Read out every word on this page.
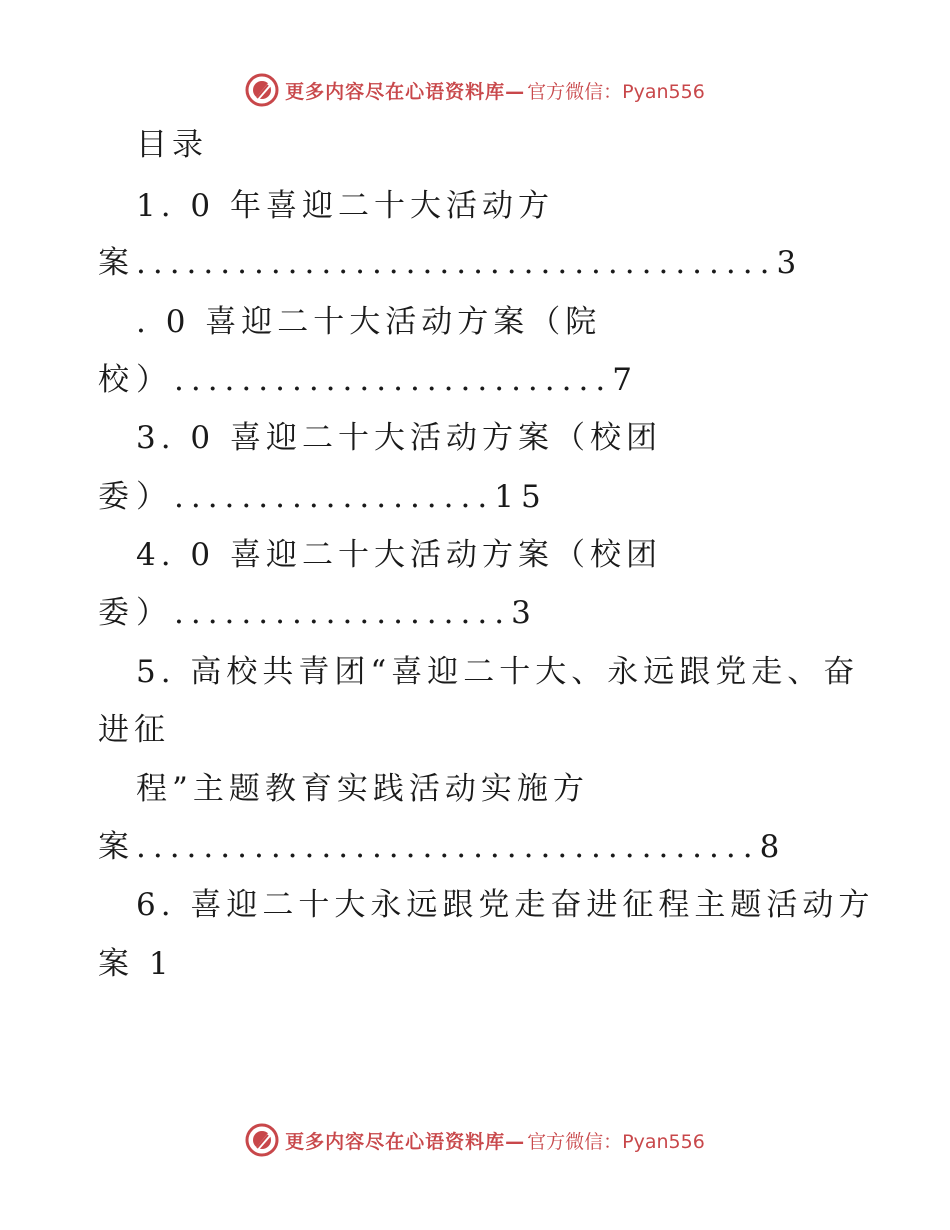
更多内容尽在心语资料库— 官方微信：Pyan556
目录
1. 0 年喜迎二十大活动方
案......................................3
. 0 喜迎二十大活动方案（院
校）..........................7
3. 0 喜迎二十大活动方案（校团
委）...................15
4. 0 喜迎二十大活动方案（校团
委）....................3
5. 高校共青团“喜迎二十大、永远跟党走、奋
进征
程”主题教育实践活动实施方
案.....................................8
6. 喜迎二十大永远跟党走奋进征程主题活动方
案 1
更多内容尽在心语资料库— 官方微信：Pyan556
